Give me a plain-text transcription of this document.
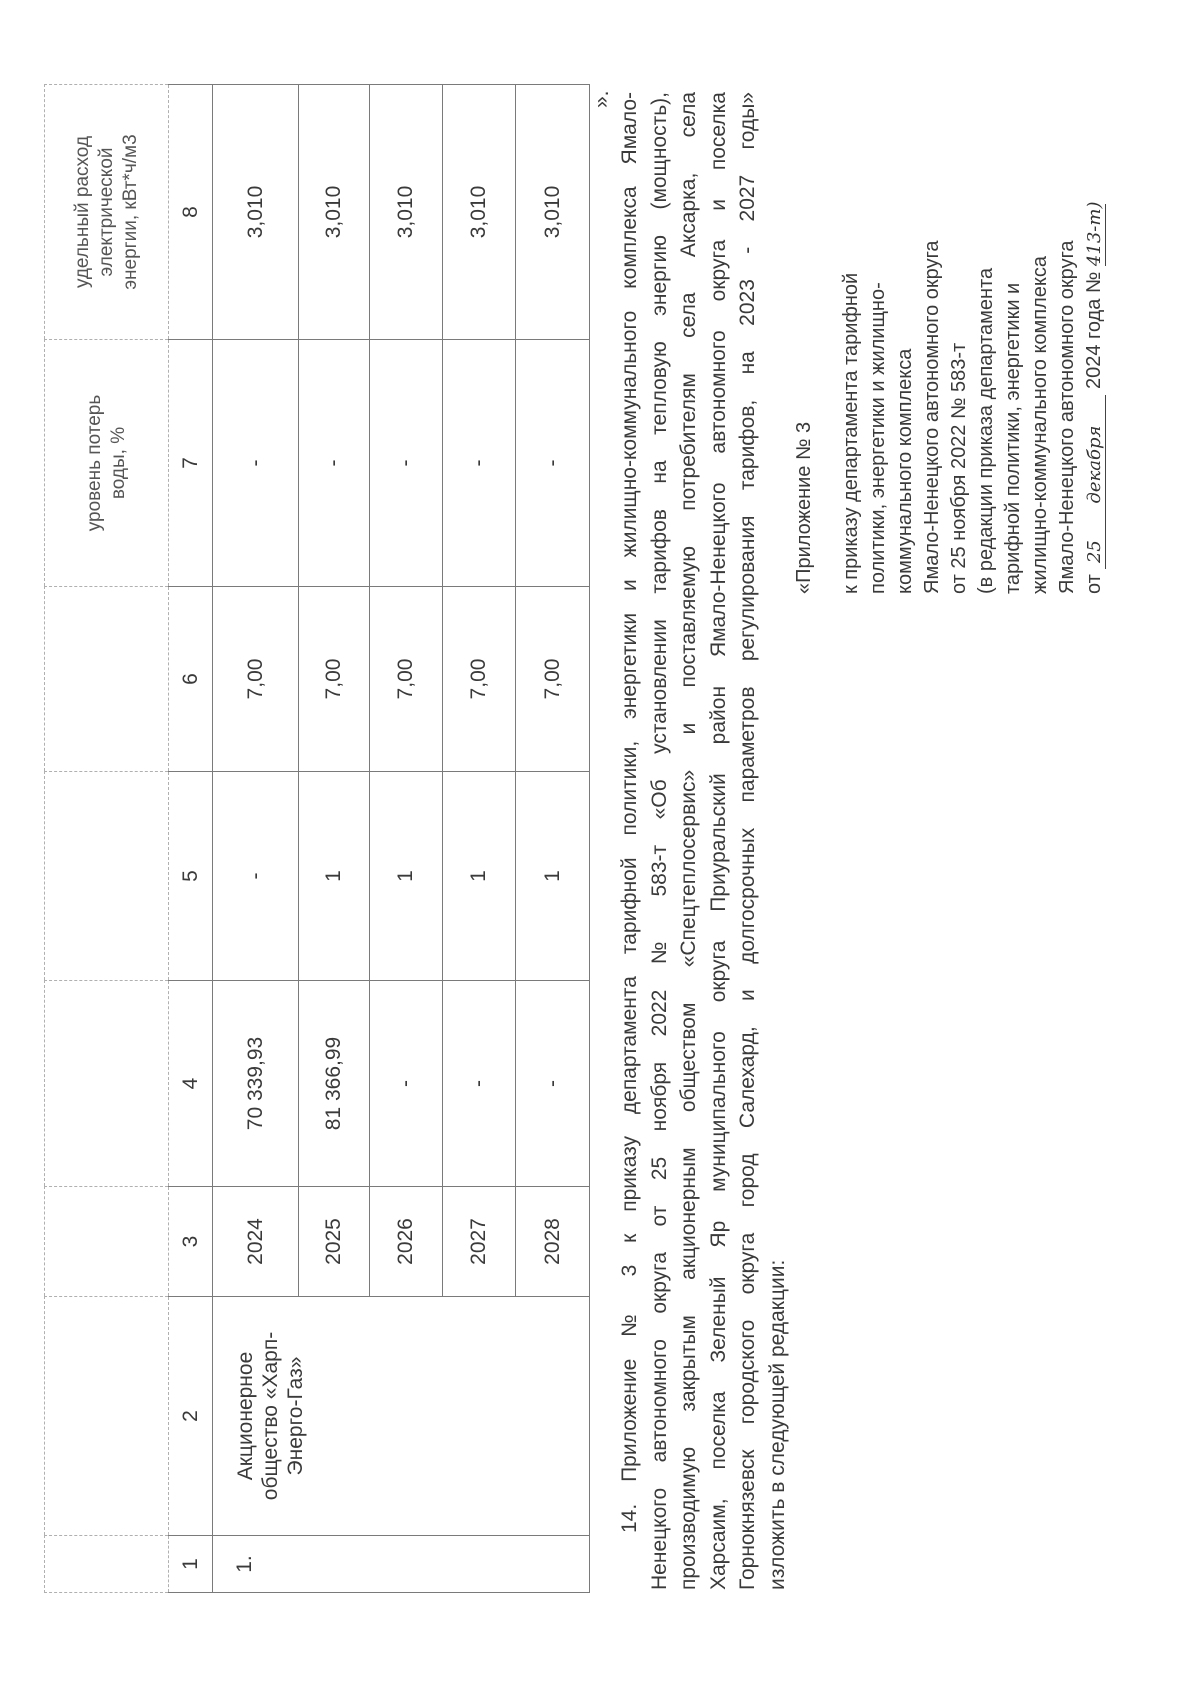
						уровень потерь воды, %	удельный расход электрической энергии, кВт*ч/м3
1	2	3	4	5	6	7	8

1.	Акционерное общество «Харп-Энерго-Газ»	2024	70 339,93	-	7,00	-	3,010
		2025	81 366,99	1	7,00	-	3,010
		2026	-	1	7,00	-	3,010
		2027	-	1	7,00	-	3,010
		2028	-	1	7,00	-	3,010
». 14. Приложение № 3 к приказу департамента тарифной политики, энергетики и жилищно-коммунального комплекса Ямало- Ненецкого автономного округа от 25 ноября 2022 № 583-т «Об установлении тарифов на тепловую энергию (мощность), производимую закрытым акционерным обществом «Спецтеплосервис» и поставляемую потребителям села Аксарка, села Харсаим, поселка Зеленый Яр муниципального округа Приуральский район Ямало-Ненецкого автономного округа и поселка Горнокнязевск городского округа город Салехард, и долгосрочных параметров регулирования тарифов, на 2023 - 2027 годы» изложить в следующей редакции:
«Приложение № 3 к приказу департамента тарифной политики, энергетики и жилищно- коммунального комплекса Ямало-Ненецкого автономного округа от 25 ноября 2022 № 583-т (в редакции приказа департамента тарифной политики, энергетики и жилищно-коммунального комплекса Ямало-Ненецкого автономного округа от 25декабря 2024 года № 413-т)
